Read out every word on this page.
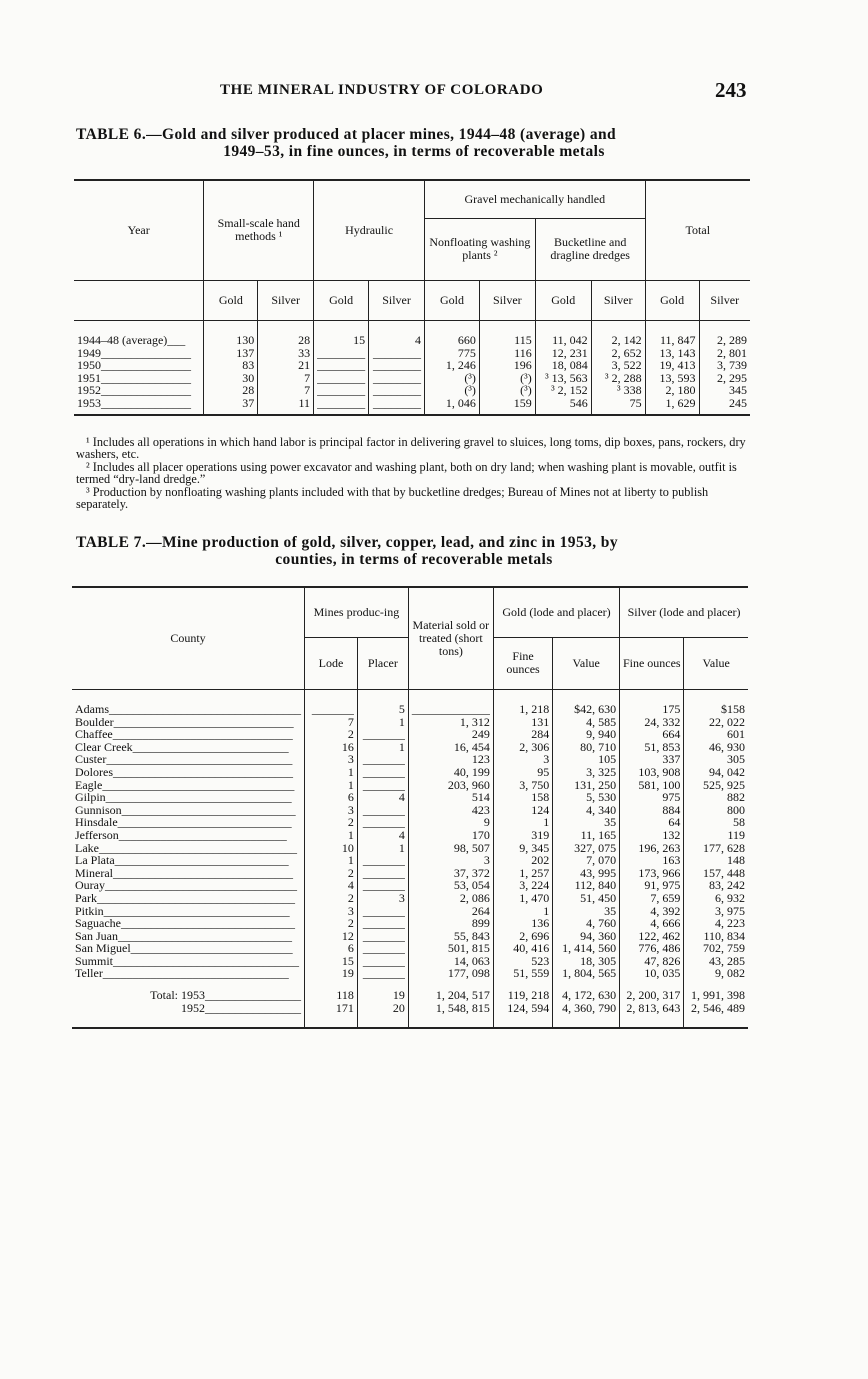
THE MINERAL INDUSTRY OF COLORADO	243
TABLE 6.—Gold and silver produced at placer mines, 1944–48 (average) and
1949–53, in fine ounces, in terms of recoverable metals
Year	Small-scale hand methods ¹		Hydraulic		Gravel mechanically handled				Total	
					Nonfloating washing plants ²		Bucketline and dragline dredges			
	Gold	Silver	Gold	Silver	Gold	Silver	Gold	Silver	Gold	Silver

1944–48 (average)___	130	28	15	4	660	115	11, 042	2, 142	11, 847	2, 289
1949_______________	137	33	________	________	775	116	12, 231	2, 652	13, 143	2, 801
1950_______________	83	21	________	________	1, 246	196	18, 084	3, 522	19, 413	3, 739
1951_______________	30	7	________	________	(³)	(³)	³ 13, 563	³ 2, 288	13, 593	2, 295
1952_______________	28	7	________	________	(³)	(³)	³ 2, 152	³ 338	2, 180	345
1953_______________	37	11	________	________	1, 046	159	546	75	1, 629	245

¹ Includes all operations in which hand labor is principal factor in delivering gravel to sluices, long toms, dip boxes, pans, rockers, dry washers, etc.

² Includes all placer operations using power excavator and washing plant, both on dry land; when washing plant is movable, outfit is termed “dry-land dredge.”

³ Production by nonfloating washing plants included with that by bucketline dredges; Bureau of Mines not at liberty to publish separately.

TABLE 7.—Mine production of gold, silver, copper, lead, and zinc in 1953, by
counties, in terms of recoverable metals
County	Mines produc-ing		Material sold or treated (short tons)	Gold (lode and placer)		Silver (lode and placer)	
	Lode	Placer		Fine ounces	Value	Fine ounces	Value

Adams________________________________	_______	5	_____________	1, 218	$42, 630	175	$158
Boulder______________________________	7	1	1, 312	131	4, 585	24, 332	22, 022
Chaffee______________________________	2	_______	249	284	9, 940	664	601
Clear Creek__________________________	16	1	16, 454	2, 306	80, 710	51, 853	46, 930
Custer_______________________________	3	_______	123	3	105	337	305
Dolores______________________________	1	_______	40, 199	95	3, 325	103, 908	94, 042
Eagle________________________________	1	_______	203, 960	3, 750	131, 250	581, 100	525, 925
Gilpin_______________________________	6	4	514	158	5, 530	975	882
Gunnison_____________________________	3	_______	423	124	4, 340	884	800
Hinsdale_____________________________	2	_______	9	1	35	64	58
Jefferson____________________________	1	4	170	319	11, 165	132	119
Lake_________________________________	10	1	98, 507	9, 345	327, 075	196, 263	177, 628
La Plata_____________________________	1	_______	3	202	7, 070	163	148
Mineral______________________________	2	_______	37, 372	1, 257	43, 995	173, 966	157, 448
Ouray________________________________	4	_______	53, 054	3, 224	112, 840	91, 975	83, 242
Park_________________________________	2	3	2, 086	1, 470	51, 450	7, 659	6, 932
Pitkin_______________________________	3	_______	264	1	35	4, 392	3, 975
Saguache_____________________________	2	_______	899	136	4, 760	4, 666	4, 223
San Juan_____________________________	12	_______	55, 843	2, 696	94, 360	122, 462	110, 834
San Miguel___________________________	6	_______	501, 815	40, 416	1, 414, 560	776, 486	702, 759
Summit_______________________________	15	_______	14, 063	523	18, 305	47, 826	43, 285
Teller_______________________________	19	_______	177, 098	51, 559	1, 804, 565	10, 035	9, 082

Total: 1953________________	118	19	1, 204, 517	119, 218	4, 172, 630	2, 200, 317	1, 991, 398
1952________________	171	20	1, 548, 815	124, 594	4, 360, 790	2, 813, 643	2, 546, 489
